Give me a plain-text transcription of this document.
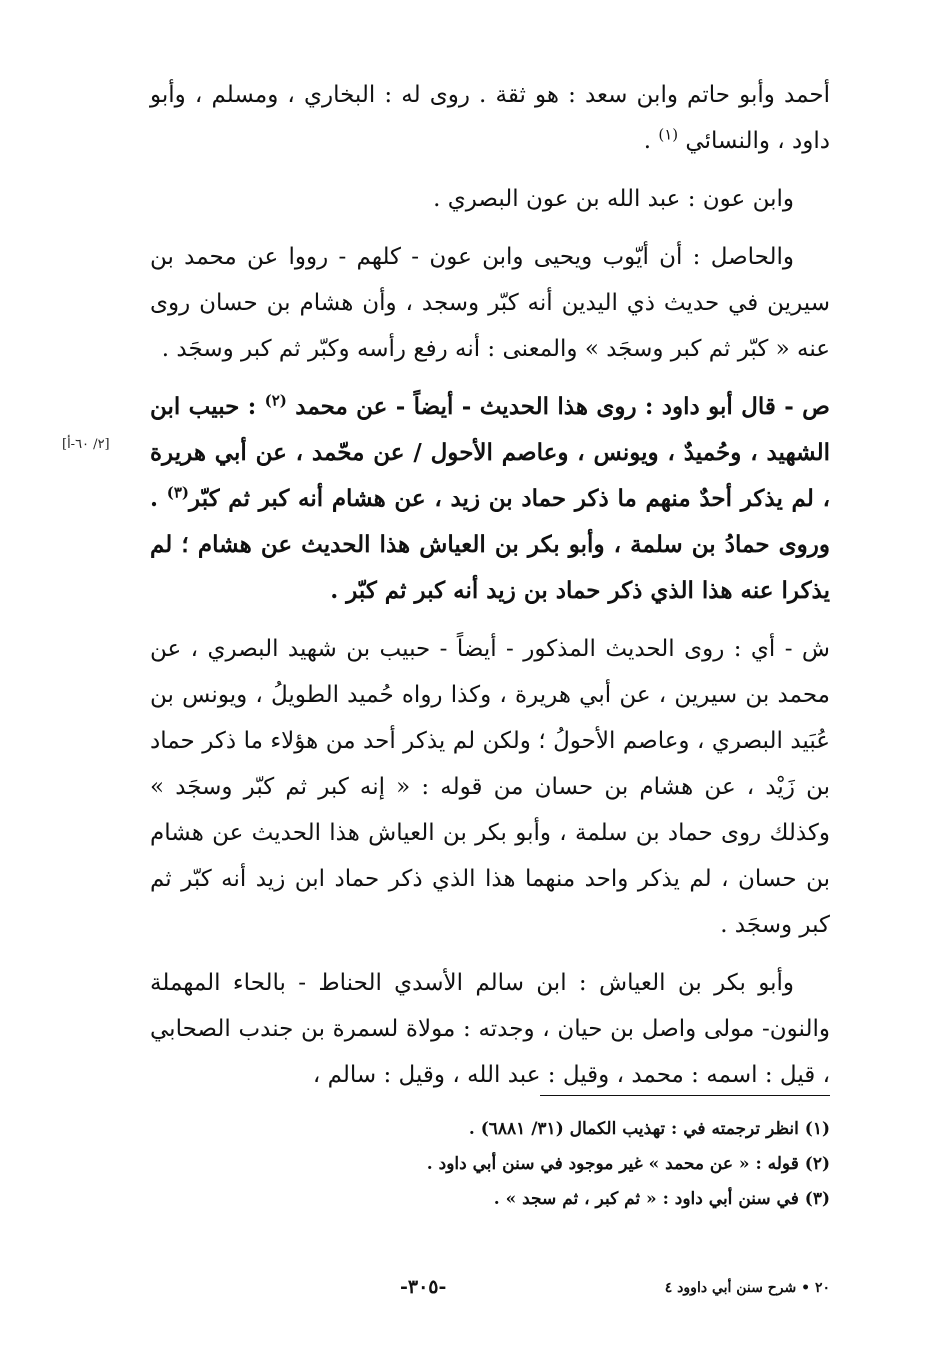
أحمد وأبو حاتم وابن سعد : هو ثقة . روى له : البخاري ، ومسلم ، وأبو داود ، والنسائي $^{(١)}$ .

وابن عون : عبد الله بن عون البصري .

والحاصل : أن أيّوب ويحيى وابن عون - كلهم - رووا عن محمد بن سيرين في حديث ذي اليدين أنه كبّر وسجد ، وأن هشام بن حسان روى عنه « كبّر ثم كبر وسجَد » والمعنى : أنه رفع رأسه وكبّر ثم كبر وسجَد .

ص - قال أبو داود : روى هذا الحديث - أيضاً - عن محمد $^{(٢)}$ : حبيب ابن الشهيد ، وحُميدٌ ، ويونس ، وعاصم الأحول / عن محّمد ، عن أبي هريرة ، لم يذكر أحدٌ منهم ما ذكر حماد بن زيد ، عن هشام أنه كبر ثم كبّر$^{(٣)}$ . وروى حمادُ بن سلمة ، وأبو بكر بن العياش هذا الحديث عن هشام ؛ لم يذكرا عنه هذا الذي ذكر حماد بن زيد أنه كبر ثم كبّر .

ش - أي : روى الحديث المذكور - أيضاً - حبيب بن شهيد البصري ، عن محمد بن سيرين ، عن أبي هريرة ، وكذا رواه حُميد الطويلُ ، ويونس بن عُبَيد البصري ، وعاصم الأحولُ ؛ ولكن لم يذكر أحد من هؤلاء ما ذكر حماد بن زَيْد ، عن هشام بن حسان من قوله : « إنه كبر ثم كبّر وسجَد » وكذلك روى حماد بن سلمة ، وأبو بكر بن العياش هذا الحديث عن هشام بن حسان ، لم يذكر واحد منهما هذا الذي ذكر حماد ابن زيد أنه كبّر ثم كبر وسجَد .

وأبو بكر بن العياش : ابن سالم الأسدي الحناط - بالحاء المهملة والنون- مولى واصل بن حيان ، وجدته : مولاة لسمرة بن جندب الصحابي ، قيل : اسمه : محمد ، وقيل : عبد الله ، وقيل : سالم ،

[٢/ ٦٠-أ]

(١) انظر ترجمته في : تهذيب الكمال (٣١/ ٦٨٨١) .

(٢) قوله : « عن محمد » غير موجود في سنن أبي داود .

(٣) في سنن أبي داود : « ثم كبر ، ثم سجد » .

٢٠ • شرح سنن أبي داوود ٤
-٣٠٥-
